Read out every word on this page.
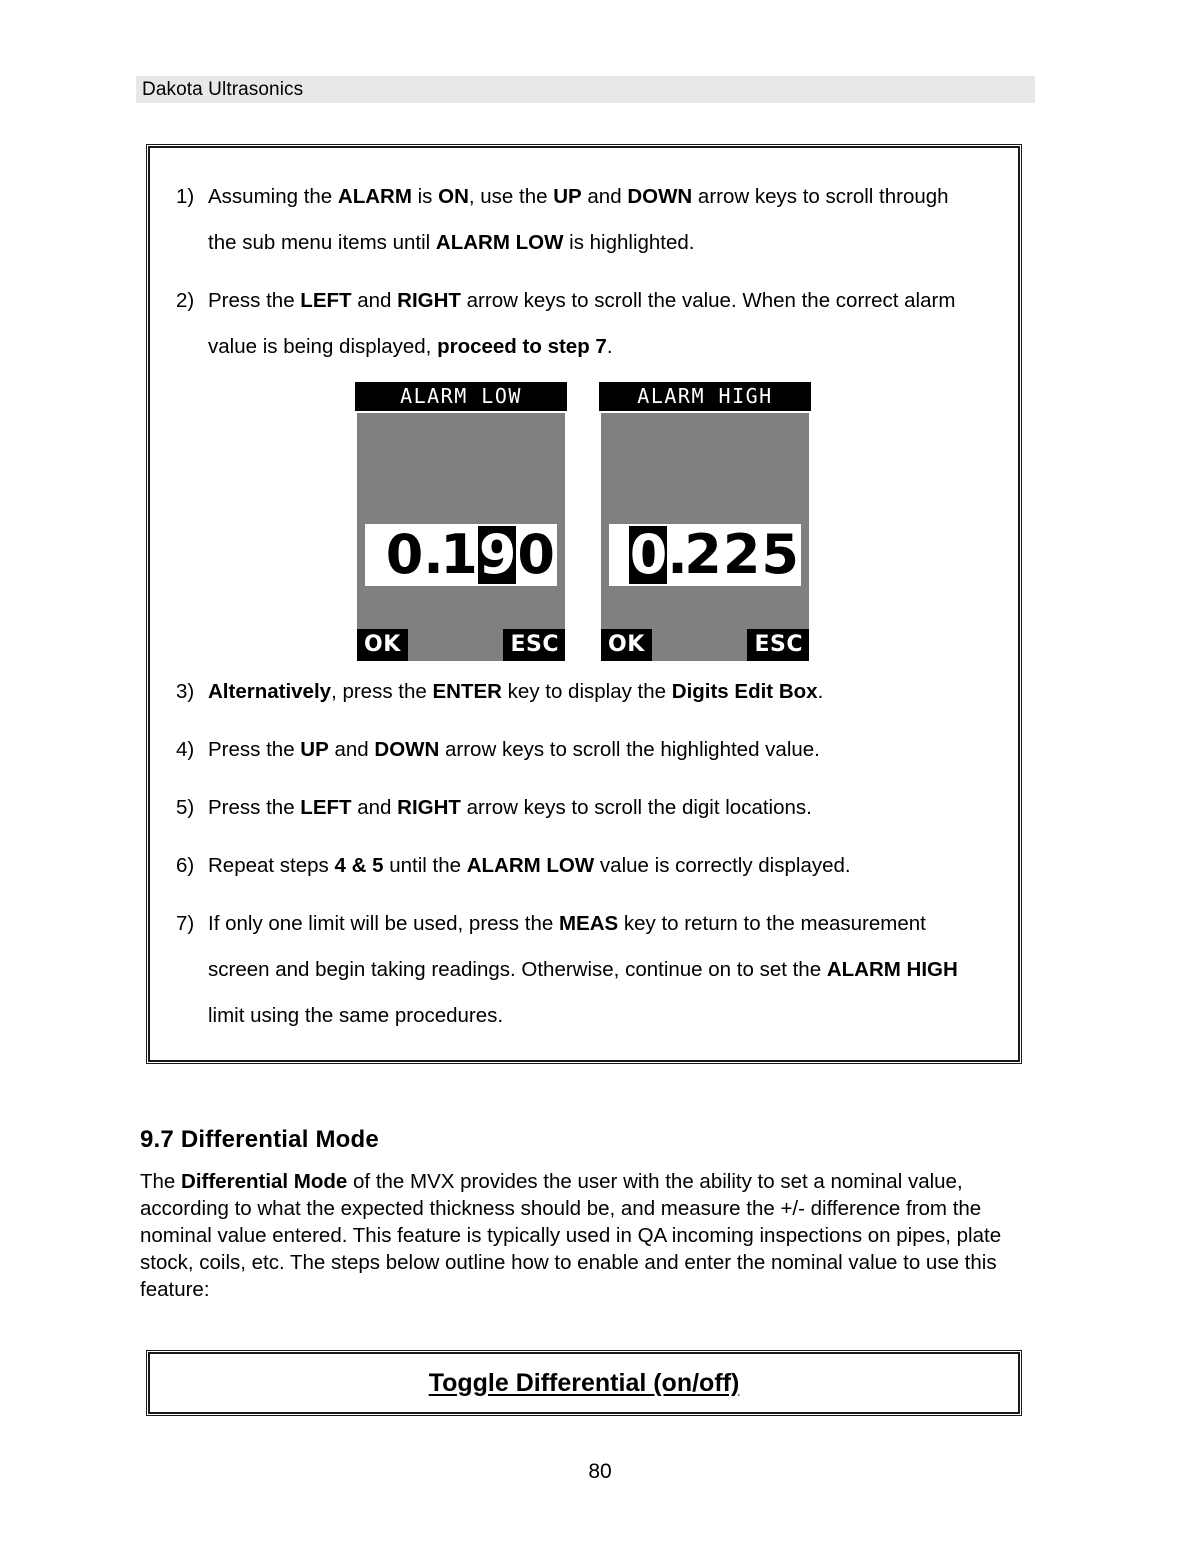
Dakota Ultrasonics
1) Assuming the ALARM is ON, use the UP and DOWN arrow keys to scroll through the sub menu items until ALARM LOW is highlighted.
2) Press the LEFT and RIGHT arrow keys to scroll the value. When the correct alarm value is being displayed, proceed to step 7.
ALARM LOW
0 .
1 9 0
OK	ESC
ALARM HIGH
0 .
2 2 5
OK	ESC
3) Alternatively, press the ENTER key to display the Digits Edit Box.
4) Press the UP and DOWN arrow keys to scroll the highlighted value.
5) Press the LEFT and RIGHT arrow keys to scroll the digit locations.
6) Repeat steps 4 & 5 until the ALARM LOW value is correctly displayed.
7) If only one limit will be used, press the MEAS key to return to the measurement screen and begin taking readings. Otherwise, continue on to set the ALARM HIGH limit using the same procedures.
9.7 Differential Mode
The Differential Mode of the MVX provides the user with the ability to set a nominal value, according to what the expected thickness should be, and measure the +/- difference from the nominal value entered. This feature is typically used in QA incoming inspections on pipes, plate stock, coils, etc. The steps below outline how to enable and enter the nominal value to use this feature:
Toggle Differential (on/off)
80
